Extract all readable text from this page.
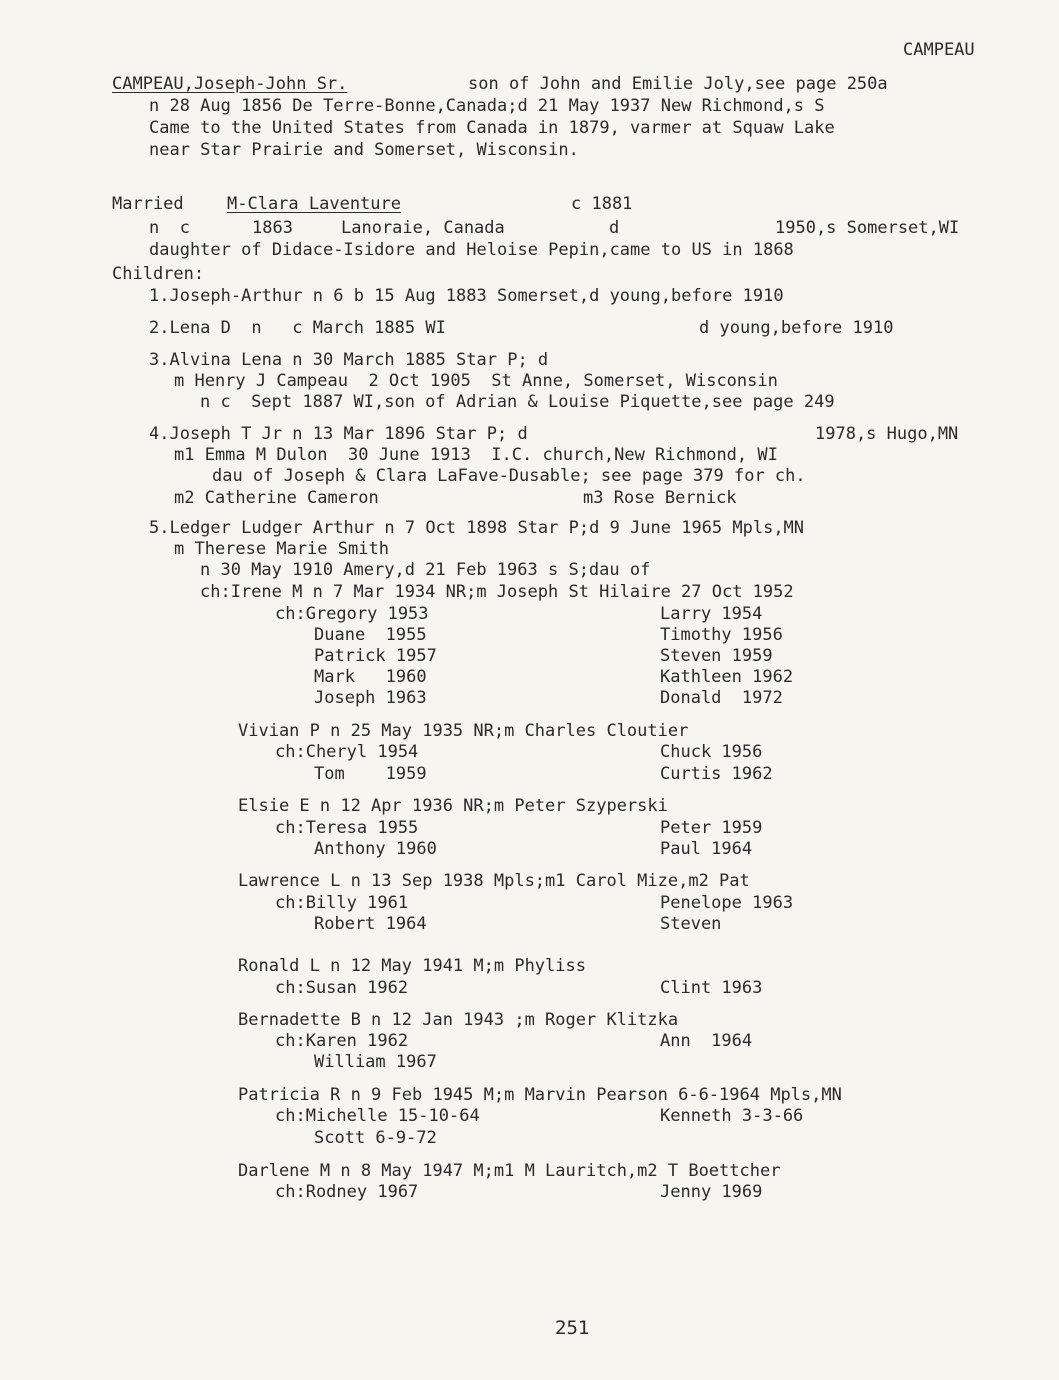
CAMPEAU
CAMPEAU,Joseph-John Sr.	son of John and Emilie Joly,see page 250a
n 28 Aug 1856 De Terre-Bonne,Canada;d 21 May 1937 New Richmond,s S
Came to the United States from Canada in 1879, varmer at Squaw Lake
near Star Prairie and Somerset, Wisconsin.
Married	M-Clara Laventure	c 1881
n  c	1863	Lanoraie, Canada	d	1950,s Somerset,WI
daughter of Didace-Isidore and Heloise Pepin,came to US in 1868
Children:
1.Joseph-Arthur n 6 b 15 Aug 1883 Somerset,d young,before 1910
2.Lena D  n   c March 1885 WI	d young,before 1910
3.Alvina Lena n 30 March 1885 Star P; d
m Henry J Campeau  2 Oct 1905  St Anne, Somerset, Wisconsin
n c  Sept 1887 WI,son of Adrian & Louise Piquette,see page 249
4.Joseph T Jr n 13 Mar 1896 Star P; d	1978,s Hugo,MN
m1 Emma M Dulon  30 June 1913  I.C. church,New Richmond, WI
dau of Joseph & Clara LaFave-Dusable; see page 379 for ch.
m2 Catherine Cameron	m3 Rose Bernick
5.Ledger Ludger Arthur n 7 Oct 1898 Star P;d 9 June 1965 Mpls,MN
m Therese Marie Smith
n 30 May 1910 Amery,d 21 Feb 1963 s S;dau of
ch:Irene M n 7 Mar 1934 NR;m Joseph St Hilaire 27 Oct 1952
ch:Gregory 1953	Larry 1954
Duane  1955	Timothy 1956
Patrick 1957	Steven 1959
Mark   1960	Kathleen 1962
Joseph 1963	Donald  1972
Vivian P n 25 May 1935 NR;m Charles Cloutier
ch:Cheryl 1954	Chuck 1956
Tom    1959	Curtis 1962
Elsie E n 12 Apr 1936 NR;m Peter Szyperski
ch:Teresa 1955	Peter 1959
Anthony 1960	Paul 1964
Lawrence L n 13 Sep 1938 Mpls;m1 Carol Mize,m2 Pat
ch:Billy 1961	Penelope 1963
Robert 1964	Steven
Ronald L n 12 May 1941 M;m Phyliss
ch:Susan 1962	Clint 1963
Bernadette B n 12 Jan 1943 ;m Roger Klitzka
ch:Karen 1962	Ann  1964
William 1967
Patricia R n 9 Feb 1945 M;m Marvin Pearson 6-6-1964 Mpls,MN
ch:Michelle 15-10-64	Kenneth 3-3-66
Scott 6-9-72
Darlene M n 8 May 1947 M;m1 M Lauritch,m2 T Boettcher
ch:Rodney 1967	Jenny 1969
251
